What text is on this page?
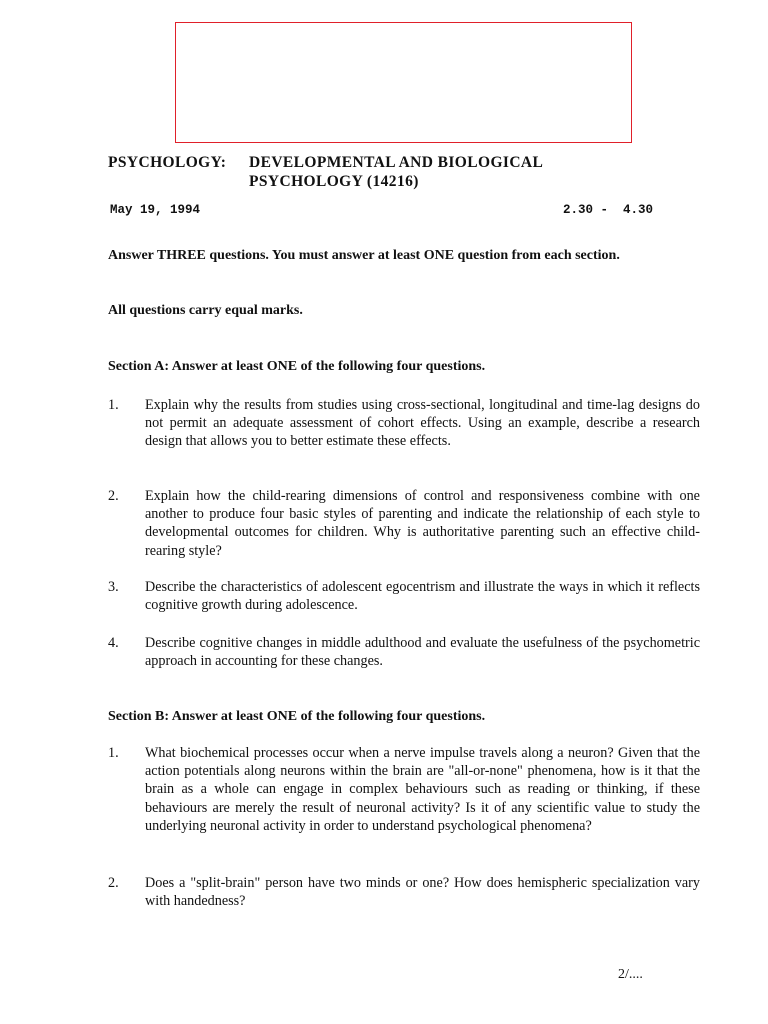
PSYCHOLOGY:	DEVELOPMENTAL AND BIOLOGICAL
PSYCHOLOGY (14216)
May 19, 1994	2.30 -  4.30
Answer THREE questions. You must answer at least ONE question from each section.
All questions carry equal marks.
Section A: Answer at least ONE of the following four questions.
1.	Explain why the results from studies using cross-sectional, longitudinal and time-lag designs do not permit an adequate assessment of cohort effects. Using an example, describe a research design that allows you to better estimate these effects.
2.	Explain how the child-rearing dimensions of control and responsiveness combine with one another to produce four basic styles of parenting and indicate the relationship of each style to developmental outcomes for children. Why is authoritative parenting such an effective child-rearing style?
3.	Describe the characteristics of adolescent egocentrism and illustrate the ways in which it reflects cognitive growth during adolescence.
4.	Describe cognitive changes in middle adulthood and evaluate the usefulness of the psychometric approach in accounting for these changes.
Section B: Answer at least ONE of the following four questions.
1.	What biochemical processes occur when a nerve impulse travels along a neuron? Given that the action potentials along neurons within the brain are "all-or-none" phenomena, how is it that the brain as a whole can engage in complex behaviours such as reading or thinking, if these behaviours are merely the result of neuronal activity? Is it of any scientific value to study the underlying neuronal activity in order to understand psychological phenomena?
2.	Does a "split-brain" person have two minds or one? How does hemispheric specialization vary with handedness?
2/....
